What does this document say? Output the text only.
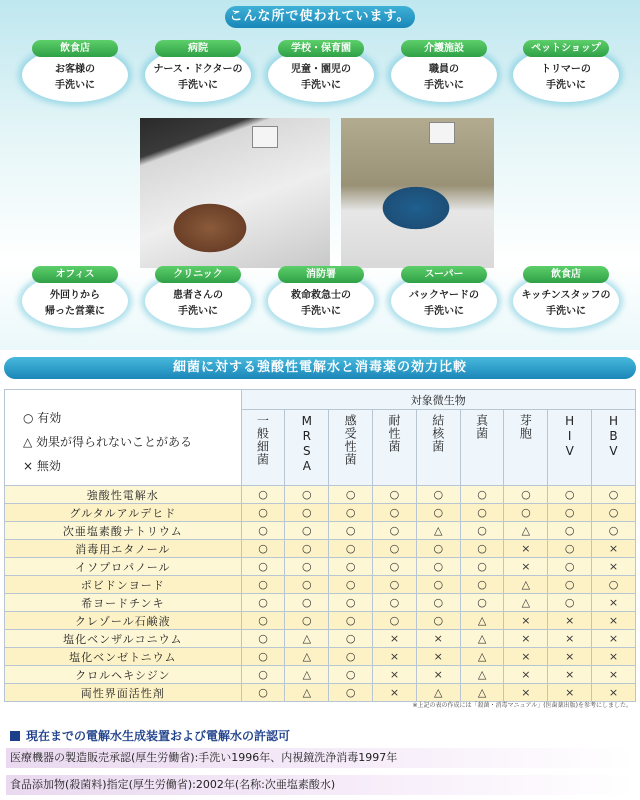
こんな所で使われています。
飲食店
お客様の
手洗いに
病院
ナース・ドクターの
手洗いに
学校・保育園
児童・園児の
手洗いに
介護施設
職員の
手洗いに
ペットショップ
トリマーの
手洗いに
オフィス
外回りから
帰った営業に
クリニック
患者さんの
手洗いに
消防署
救命救急士の
手洗いに
スーパー
バックヤードの
手洗いに
飲食店
キッチンスタッフの
手洗いに
細菌に対する強酸性電解水と消毒薬の効力比較
○ 有効
△ 効果が得られないことがある
× 無効	対象微生物								
	一般細菌	MRSA	感受性菌	耐性菌	結核菌	真菌	芽胞	HIV	HBV
強酸性電解水	○	○	○	○	○	○	○	○	○
グルタルアルデヒド	○	○	○	○	○	○	○	○	○
次亜塩素酸ナトリウム	○	○	○	○	△	○	△	○	○
消毒用エタノール	○	○	○	○	○	○	×	○	×
イソプロパノール	○	○	○	○	○	○	×	○	×
ポビドンヨード	○	○	○	○	○	○	△	○	○
希ヨードチンキ	○	○	○	○	○	○	△	○	×
クレゾール石鹸液	○	○	○	○	○	△	×	×	×
塩化ベンザルコニウム	○	△	○	×	×	△	×	×	×
塩化ベンゼトニウム	○	△	○	×	×	△	×	×	×
クロルヘキシジン	○	△	○	×	×	△	×	×	×
両性界面活性剤	○	△	○	×	△	△	×	×	×
※上記の表の作成には「殺菌・消毒マニュアル」(医歯薬出版)を参考にしました。
現在までの電解水生成装置および電解水の許認可
医療機器の製造販売承認(厚生労働省):手洗い1996年、内視鏡洗浄消毒1997年
食品添加物(殺菌料)指定(厚生労働省):2002年(名称:次亜塩素酸水)
